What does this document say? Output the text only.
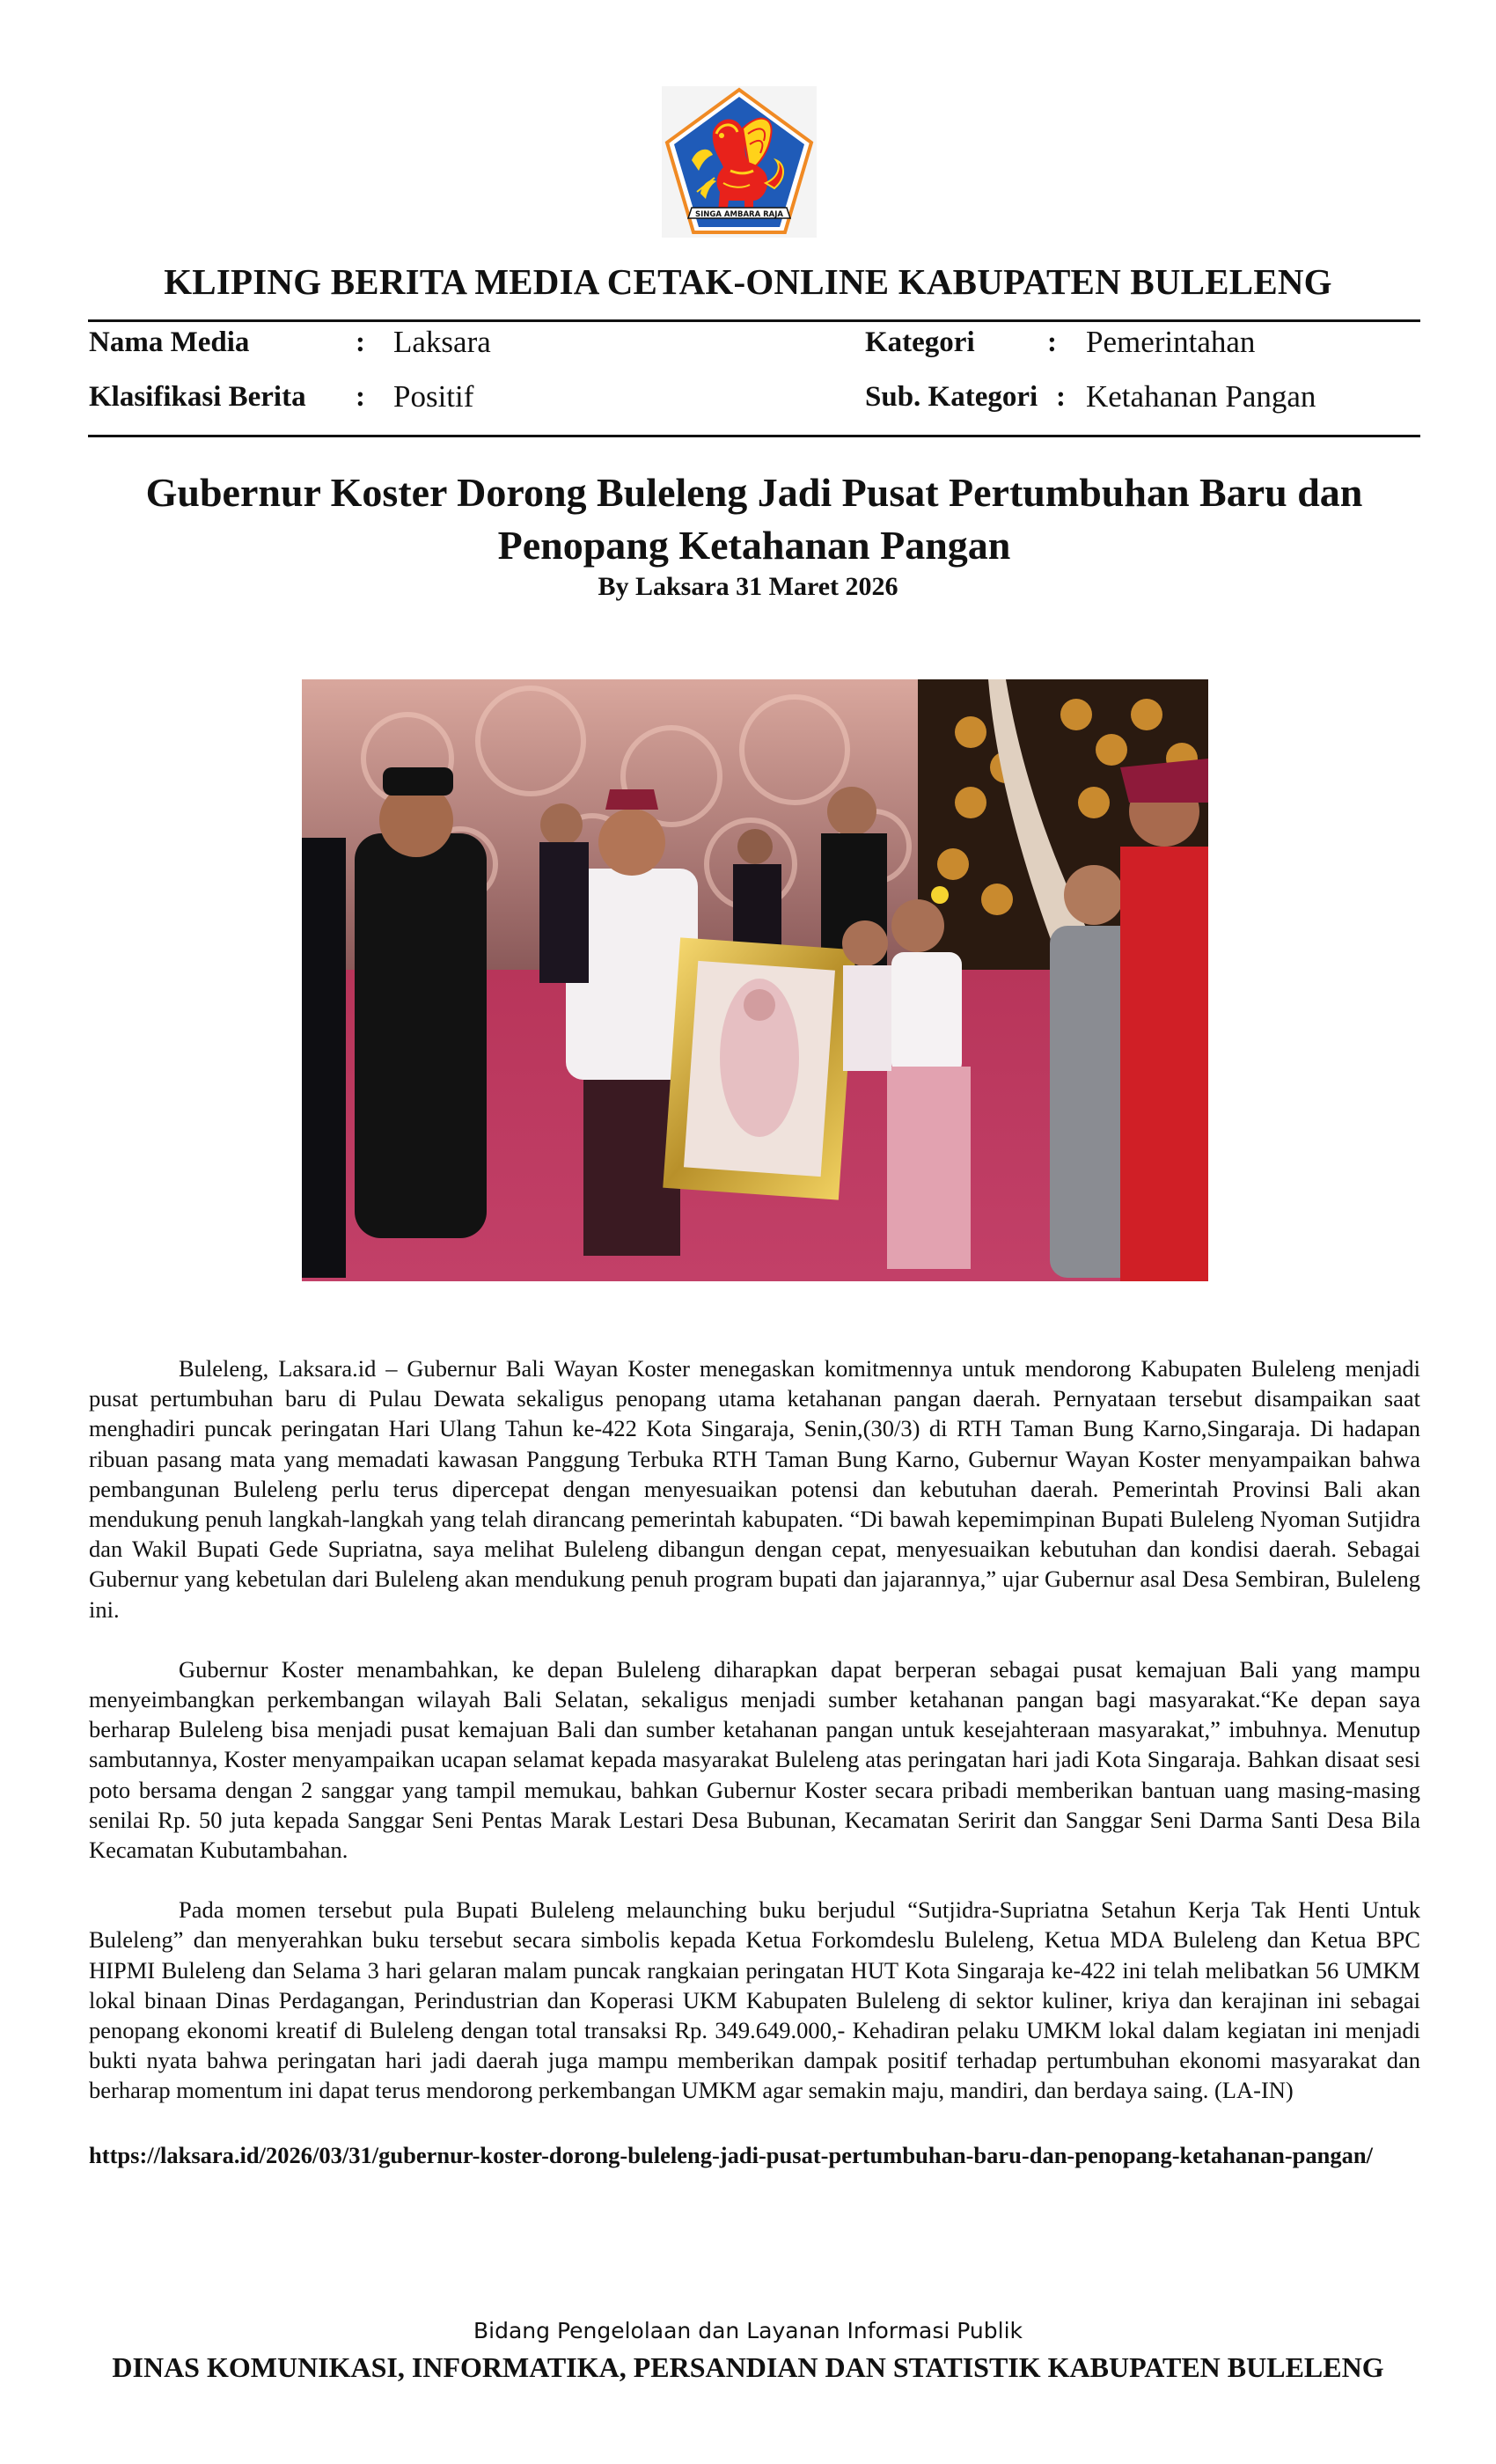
SINGA AMBARA RAJA
KLIPING BERITA MEDIA CETAK-ONLINE KABUPATEN BULELENG
Nama Media	: Laksara
Klasifikasi Berita : Positif
Kategori : Pemerintahan
Sub. Kategori : Ketahanan Pangan
Gubernur Koster Dorong Buleleng Jadi Pusat Pertumbuhan Baru dan Penopang Ketahanan Pangan
By Laksara 31 Maret 2026

Buleleng, Laksara.id – Gubernur Bali Wayan Koster menegaskan komitmennya untuk mendorong Kabupaten Buleleng menjadi pusat pertumbuhan baru di Pulau Dewata sekaligus penopang utama ketahanan pangan daerah. Pernyataan tersebut disampaikan saat menghadiri puncak peringatan Hari Ulang Tahun ke-422 Kota Singaraja, Senin,(30/3) di RTH Taman Bung Karno,Singaraja. Di hadapan ribuan pasang mata yang memadati kawasan Panggung Terbuka RTH Taman Bung Karno, Gubernur Wayan Koster menyampaikan bahwa pembangunan Buleleng perlu terus dipercepat dengan menyesuaikan potensi dan kebutuhan daerah. Pemerintah Provinsi Bali akan mendukung penuh langkah-langkah yang telah dirancang pemerintah kabupaten. “Di bawah kepemimpinan Bupati Buleleng Nyoman Sutjidra dan Wakil Bupati Gede Supriatna, saya melihat Buleleng dibangun dengan cepat, menyesuaikan kebutuhan dan kondisi daerah. Sebagai Gubernur yang kebetulan dari Buleleng akan mendukung penuh program bupati dan jajarannya,” ujar Gubernur asal Desa Sembiran, Buleleng ini.

Gubernur Koster menambahkan, ke depan Buleleng diharapkan dapat berperan sebagai pusat kemajuan Bali yang mampu menyeimbangkan perkembangan wilayah Bali Selatan, sekaligus menjadi sumber ketahanan pangan bagi masyarakat.“Ke depan saya berharap Buleleng bisa menjadi pusat kemajuan Bali dan sumber ketahanan pangan untuk kesejahteraan masyarakat,” imbuhnya. Menutup sambutannya, Koster menyampaikan ucapan selamat kepada masyarakat Buleleng atas peringatan hari jadi Kota Singaraja. Bahkan disaat sesi poto bersama dengan 2 sanggar yang tampil memukau, bahkan Gubernur Koster secara pribadi memberikan bantuan uang masing-masing senilai Rp. 50 juta kepada Sanggar Seni Pentas Marak Lestari Desa Bubunan, Kecamatan Seririt dan Sanggar Seni Darma Santi Desa Bila Kecamatan Kubutambahan.

Pada momen tersebut pula Bupati Buleleng melaunching buku berjudul “Sutjidra-Supriatna Setahun Kerja Tak Henti Untuk Buleleng” dan menyerahkan buku tersebut secara simbolis kepada Ketua Forkomdeslu Buleleng, Ketua MDA Buleleng dan Ketua BPC HIPMI Buleleng dan Selama 3 hari gelaran malam puncak rangkaian peringatan HUT Kota Singaraja ke-422 ini telah melibatkan 56 UMKM lokal binaan Dinas Perdagangan, Perindustrian dan Koperasi UKM Kabupaten Buleleng di sektor kuliner, kriya dan kerajinan ini sebagai penopang ekonomi kreatif di Buleleng dengan total transaksi Rp. 349.649.000,- Kehadiran pelaku UMKM lokal dalam kegiatan ini menjadi bukti nyata bahwa peringatan hari jadi daerah juga mampu memberikan dampak positif terhadap pertumbuhan ekonomi masyarakat dan berharap momentum ini dapat terus mendorong perkembangan UMKM agar semakin maju, mandiri, dan berdaya saing. (LA-IN)

https://laksara.id/2026/03/31/gubernur-koster-dorong-buleleng-jadi-pusat-pertumbuhan-baru-dan-penopang-ketahanan-pangan/
Bidang Pengelolaan dan Layanan Informasi Publik
DINAS KOMUNIKASI, INFORMATIKA, PERSANDIAN DAN STATISTIK KABUPATEN BULELENG
